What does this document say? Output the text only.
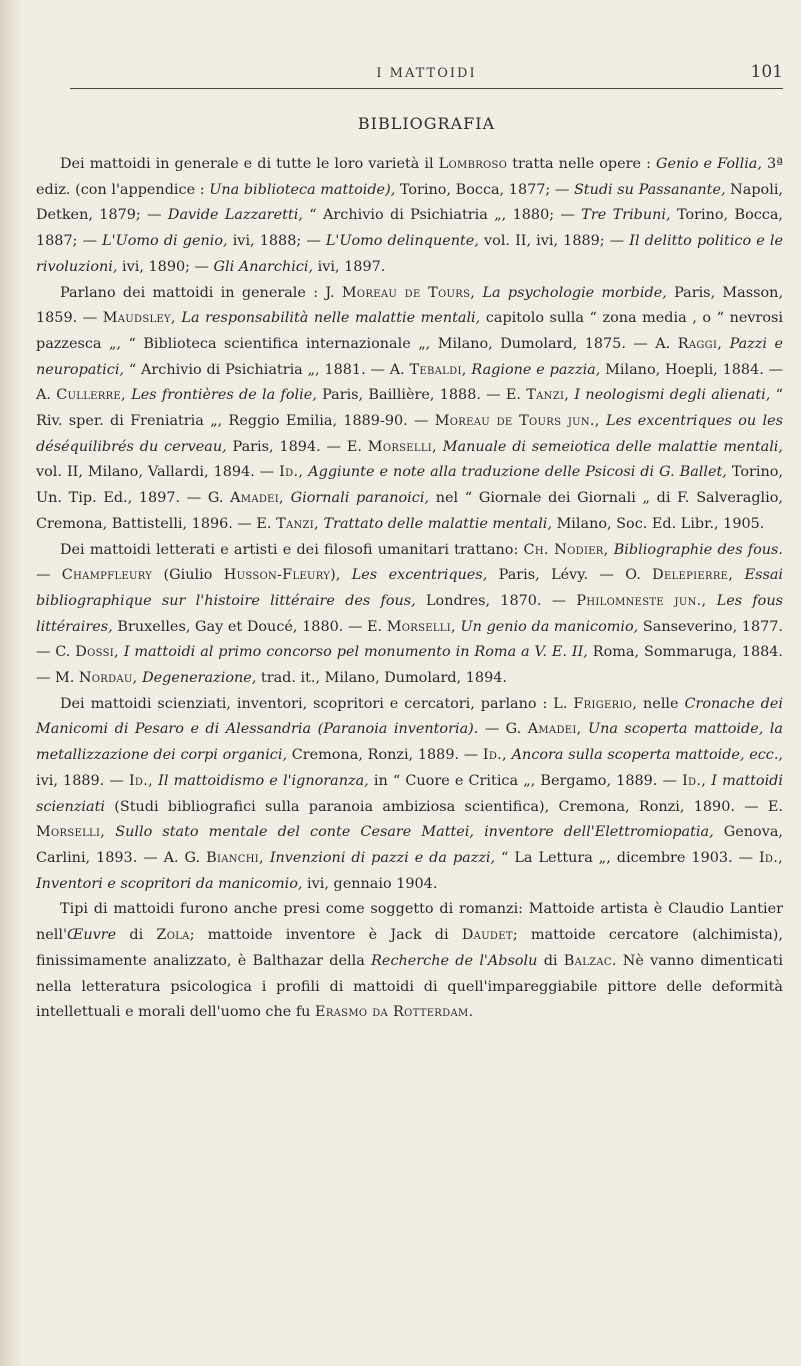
I MATTOIDI	101
BIBLIOGRAFIA

Dei mattoidi in generale e di tutte le loro varietà il Lombroso tratta nelle opere : Genio e Follia, 3ª ediz. (con l'appendice : Una biblioteca mattoide), Torino, Bocca, 1877; — Studi su Passanante, Napoli, Detken, 1879; — Davide Lazzaretti, “ Archivio di Psichiatria „, 1880; — Tre Tribuni, Torino, Bocca, 1887; — L'Uomo di genio, ivi, 1888; — L'Uomo delinquente, vol. II, ivi, 1889; — Il delitto politico e le rivoluzioni, ivi, 1890; — Gli Anarchici, ivi, 1897.

Parlano dei mattoidi in generale : J. Moreau de Tours, La psychologie morbide, Paris, Masson, 1859. — Maudsley, La responsabilità nelle malattie mentali, capitolo sulla “ zona media , o “ nevrosi pazzesca „, “ Biblioteca scientifica internazionale „, Milano, Dumolard, 1875. — A. Raggi, Pazzi e neuropatici, “ Archivio di Psichiatria „, 1881. — A. Tebaldi, Ragione e pazzia, Milano, Hoepli, 1884. — A. Cullerre, Les frontières de la folie, Paris, Baillière, 1888. — E. Tanzi, I neologismi degli alienati, “ Riv. sper. di Freniatria „, Reggio Emilia, 1889-90. — Moreau de Tours jun., Les excentriques ou les déséquilibrés du cerveau, Paris, 1894. — E. Morselli, Manuale di semeiotica delle malattie mentali, vol. II, Milano, Vallardi, 1894. — Id., Aggiunte e note alla traduzione delle Psicosi di G. Ballet, Torino, Un. Tip. Ed., 1897. — G. Amadei, Giornali paranoici, nel “ Giornale dei Giornali „ di F. Salveraglio, Cremona, Battistelli, 1896. — E. Tanzi, Trattato delle malattie mentali, Milano, Soc. Ed. Libr., 1905.

Dei mattoidi letterati e artisti e dei filosofi umanitari trattano: Ch. Nodier, Bibliographie des fous. — Champfleury (Giulio Husson-Fleury), Les excentriques, Paris, Lévy. — O. Delepierre, Essai bibliographique sur l'histoire littéraire des fous, Londres, 1870. — Philomneste jun., Les fous littéraires, Bruxelles, Gay et Doucé, 1880. — E. Morselli, Un genio da manicomio, Sanseverino, 1877. — C. Dossi, I mattoidi al primo concorso pel monumento in Roma a V. E. II, Roma, Sommaruga, 1884. — M. Nordau, Degenerazione, trad. it., Milano, Dumolard, 1894.

Dei mattoidi scienziati, inventori, scopritori e cercatori, parlano : L. Frigerio, nelle Cronache dei Manicomi di Pesaro e di Alessandria (Paranoia inventoria). — G. Amadei, Una scoperta mattoide, la metallizzazione dei corpi organici, Cremona, Ronzi, 1889. — Id., Ancora sulla scoperta mattoide, ecc., ivi, 1889. — Id., Il mattoidismo e l'ignoranza, in “ Cuore e Critica „, Bergamo, 1889. — Id., I mattoidi scienziati (Studi bibliografici sulla paranoia ambiziosa scientifica), Cremona, Ronzi, 1890. — E. Morselli, Sullo stato mentale del conte Cesare Mattei, inventore dell'Elettromiopatia, Genova, Carlini, 1893. — A. G. Bianchi, Invenzioni di pazzi e da pazzi, “ La Lettura „, dicembre 1903. — Id., Inventori e scopritori da manicomio, ivi, gennaio 1904.

Tipi di mattoidi furono anche presi come soggetto di romanzi: Mattoide artista è Claudio Lantier nell'Œuvre di Zola; mattoide inventore è Jack di Daudet; mattoide cercatore (alchimista), finissimamente analizzato, è Balthazar della Recherche de l'Absolu di Balzac. Nè vanno dimenticati nella letteratura psicologica i profili di mattoidi di quell'impareggiabile pittore delle deformità intellettuali e morali dell'uomo che fu Erasmo da Rotterdam.
